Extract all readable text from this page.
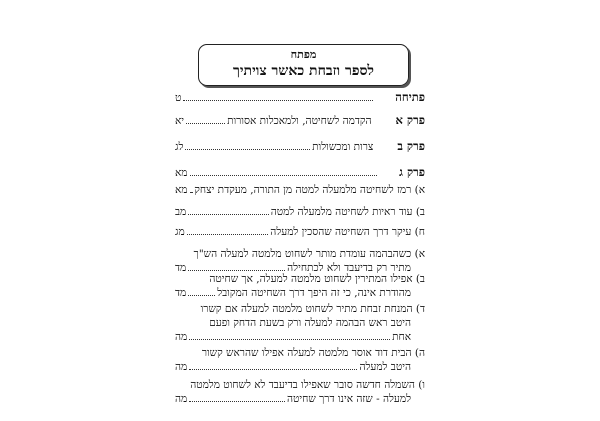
מפתח
לספר וזבחת כאשר צויתיך
פתיחה
ט
פרק א
הקדמה לשחיטה, ולמאכלות אסורות
יא
פרק ב
צרות ומכשולות
לג
פרק ג
מא
א) רמז לשחיטה מלמעלה למטה מן התורה, מעקדת יצחק
מא
ב) עוד ראיות לשחיטה מלמעלה למטה
מב
ח) עיקר דרך השחיטה שהסכין למעלה
מג
א) כשהבהמה עומדת מותר לשחוט מלמטה למעלה הש"ך
מתיר רק בדיעבד ולא לכתחילה
מד
ב) אפילו המתירין לשחוט מלמטה למעלה, אך שחיטה
מהודרת אינה, כי זה היפך דרך השחיטה המקובל
מד
ד) המנחת זבחת מתיר לשחוט מלמטה למעלה אם קשרו
היטב ראש הבהמה למעלה ורק בשעת הדחק ופעם
אחת
מה
ה) הבית דוד אוסר מלמטה למעלה אפילו שהראש קשור
היטב למעלה
מה
ו) השמלה חדשה סובר שאפילו בדיעבד לא לשחוט מלמטה
למעלה - שזה אינו דרך שחיטה
מה
